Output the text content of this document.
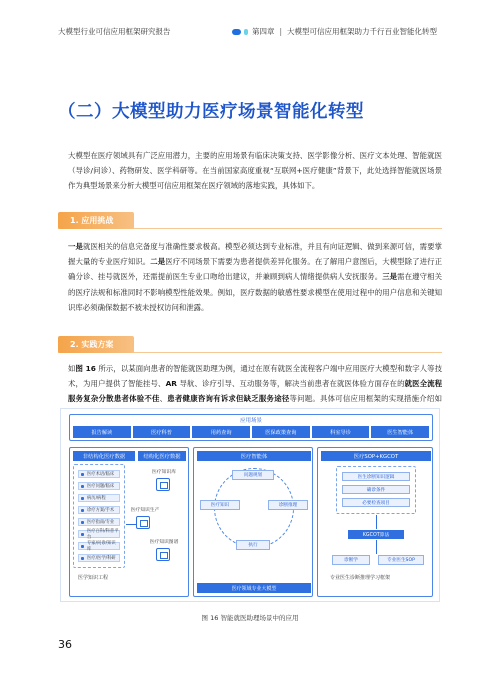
大模型行业可信应用框架研究报告	第四章 | 大模型可信应用框架助力千行百业智能化转型
（二）大模型助力医疗场景智能化转型
大模型在医疗领域具有广泛应用潜力，主要的应用场景有临床决策支持、医学影像分析、医疗文本处理、智能就医（导诊/问诊）、药物研发、医学科研等。在当前国家高度重视“互联网+医疗健康”背景下，此处选择智能就医场景作为典型场景来分析大模型可信应用框架在医疗领域的落地实践，具体如下。
1. 应用挑战
一是就医相关的信息完备度与准确性要求极高。模型必须达到专业标准，并且有向证逻辑、做到来源可信，需要掌握大量的专业医疗知识。二是医疗不同场景下需要为患者提供差异化服务。在了解用户意图后，大模型除了进行正确分诊、挂号就医外，还需提前医生专业口吻给出建议，并兼顾到病人情绪提供病人安抚服务。三是需在遵守相关的医疗法规和标准同时不影响模型性能效果。例如，医疗数据的敏感性要求模型在使用过程中的用户信息和关键知识库必须确保数据不被未授权访问和泄露。
2. 实践方案
如图 16 所示，以某面向患者的智能就医助理为例，通过在原有就医全流程客户端中应用医疗大模型和数字人等技术，为用户提供了智能挂号、AR 导航、诊疗引导、互动服务等，解决当前患者在就医体验方面存在的就医全流程服务复杂分散患者体验不佳、患者健康咨询有诉求但缺乏服务途径等问题。具体可信应用框架的实现措施介绍如
应用场景
报告解读	医疗科普	用药查询	医保政策查询	科室导诊	医生智能体
非结构化医疗数据	结构化医疗数据
医疗术语/临床
医疗问题/临床
病历/病程
诊疗方案/手术
医疗指南/专业
医疗百科/科普平台
专家/问诊/知识库
医疗/医学/科研
医疗知识库
医疗知识生产
医疗知识图谱
医学知识工程
医疗智能体
问题规划
医疗知识	诊断推理
执行
医疗领域专业大模型
医疗SOP+KGCOT
医生诊断知识逻辑
确诊条件
必要检查项目
KGCOT算法
诊断学	专业医生SOP
专业医生诊断推理学习框架
图 16 智能就医助理场景中的应用
36
